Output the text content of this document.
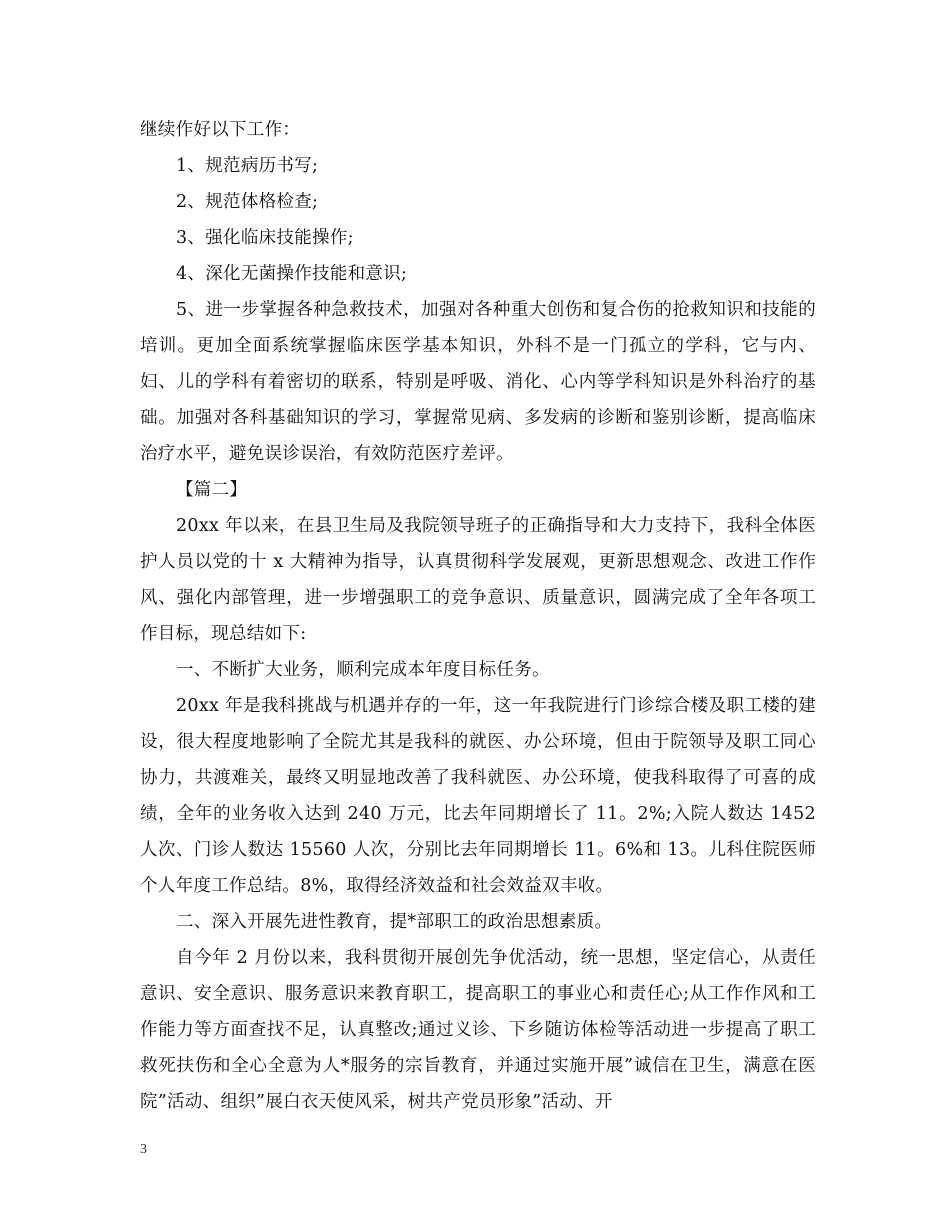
继续作好以下工作：

1、规范病历书写;

2、规范体格检查;

3、强化临床技能操作;

4、深化无菌操作技能和意识;

5、进一步掌握各种急救技术，加强对各种重大创伤和复合伤的抢救知识和技能的培训。更加全面系统掌握临床医学基本知识，外科不是一门孤立的学科，它与内、妇、儿的学科有着密切的联系，特别是呼吸、消化、心内等学科知识是外科治疗的基础。加强对各科基础知识的学习，掌握常见病、多发病的诊断和鉴别诊断，提高临床治疗水平，避免误诊误治，有效防范医疗差评。

【篇二】

20xx 年以来，在县卫生局及我院领导班子的正确指导和大力支持下，我科全体医护人员以党的十 x 大精神为指导，认真贯彻科学发展观，更新思想观念、改进工作作风、强化内部管理，进一步增强职工的竞争意识、质量意识，圆满完成了全年各项工作目标，现总结如下:

一、不断扩大业务，顺利完成本年度目标任务。

20xx 年是我科挑战与机遇并存的一年，这一年我院进行门诊综合楼及职工楼的建设，很大程度地影响了全院尤其是我科的就医、办公环境，但由于院领导及职工同心协力，共渡难关，最终又明显地改善了我科就医、办公环境，使我科取得了可喜的成绩，全年的业务收入达到 240 万元，比去年同期增长了 11。2%;入院人数达 1452 人次、门诊人数达 15560 人次，分别比去年同期增长 11。6%和 13。儿科住院医师个人年度工作总结。8%，取得经济效益和社会效益双丰收。

二、深入开展先进性教育，提*部职工的政治思想素质。

自今年 2 月份以来，我科贯彻开展创先争优活动，统一思想，坚定信心，从责任意识、安全意识、服务意识来教育职工，提高职工的事业心和责任心;从工作作风和工作能力等方面查找不足，认真整改;通过义诊、下乡随访体检等活动进一步提高了职工救死扶伤和全心全意为人*服务的宗旨教育，并通过实施开展”诚信在卫生，满意在医院”活动、组织”展白衣天使风采，树共产党员形象”活动、开

3
